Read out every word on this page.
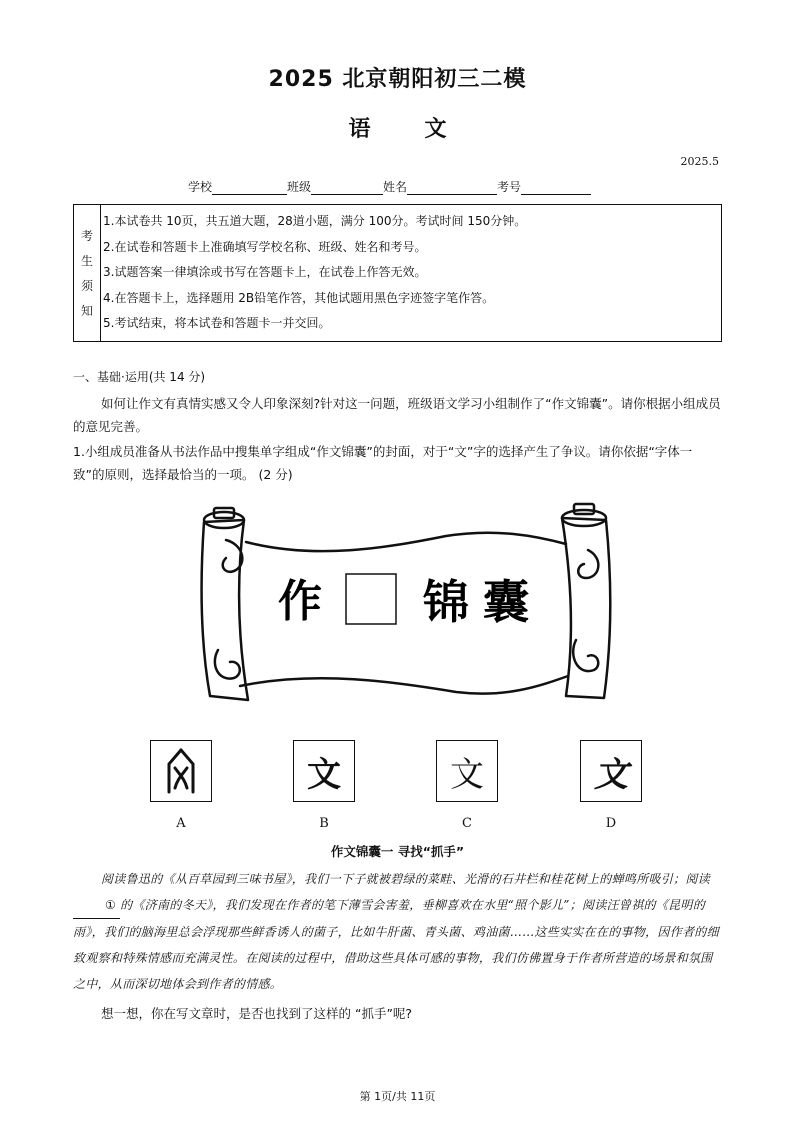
2025 北京朝阳初三二模
语 文
2025.5
学校	班级	姓名	考号
考
生
须
知
1.本试卷共 10页，共五道大题，28道小题，满分 100分。考试时间 150分钟。
2.在试卷和答题卡上准确填写学校名称、班级、姓名和考号。
3.试题答案一律填涂或书写在答题卡上，在试卷上作答无效。
4.在答题卡上，选择题用 2B铅笔作答，其他试题用黑色字迹签字笔作答。
5.考试结束，将本试卷和答题卡一并交回。
一、基础·运用(共 14 分)
如何让作文有真情实感又令人印象深刻?针对这一问题，班级语文学习小组制作了“作文锦囊”。请你根据小组成员的意见完善。
1.小组成员准备从书法作品中搜集单字组成“作文锦囊”的封面，对于“文”字的选择产生了争议。请你依据“字体一致”的原则，选择最恰当的一项。 (2 分)
作 锦 囊
文	文	文
A	B	C	D
作文锦囊一 寻找“抓手”
阅读鲁迅的《从百草园到三味书屋》，我们一下子就被碧绿的菜畦、光滑的石井栏和桂花树上的蝉鸣所吸引；阅读① 的《济南的冬天》，我们发现在作者的笔下薄雪会害羞，垂柳喜欢在水里“照个影儿”；阅读汪曾祺的《昆明的雨》，我们的脑海里总会浮现那些鲜香诱人的菌子，比如牛肝菌、青头菌、鸡油菌……这些实实在在的事物，因作者的细致观察和特殊情感而充满灵性。在阅读的过程中，借助这些具体可感的事物，我们仿佛置身于作者所营造的场景和氛围之中，从而深切地体会到作者的情感。
想一想，你在写文章时，是否也找到了这样的 “抓手”呢?
第 1页/共 11页
